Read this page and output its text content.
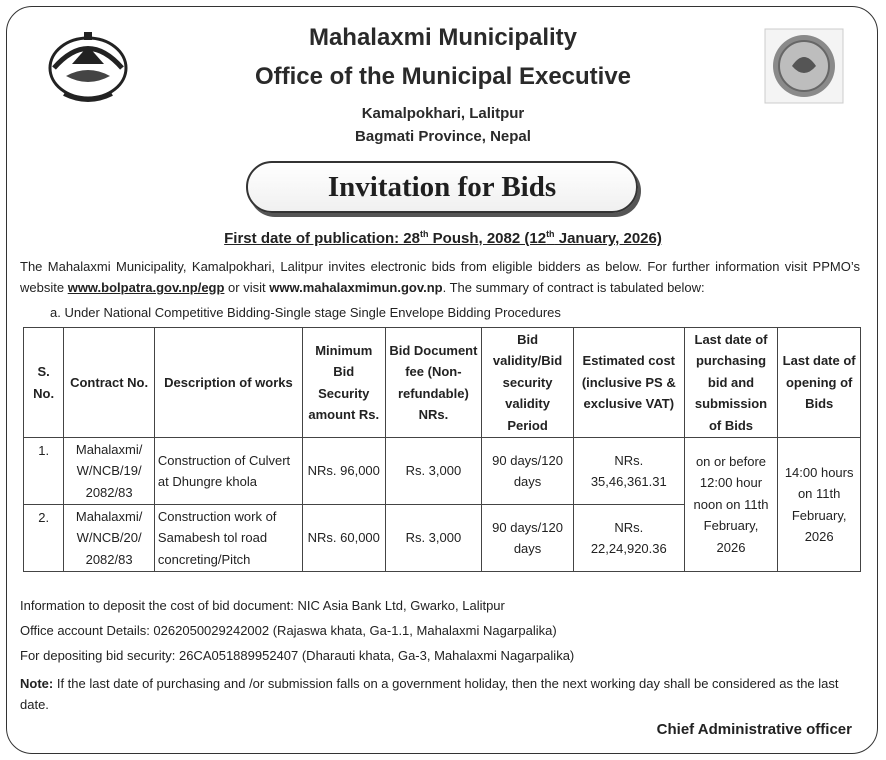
Mahalaxmi Municipality
Office of the Municipal Executive
Kamalpokhari, Lalitpur
Bagmati Province, Nepal
Invitation for Bids
First date of publication: 28th Poush, 2082 (12th January, 2026)
The Mahalaxmi Municipality, Kamalpokhari, Lalitpur invites electronic bids from eligible bidders as below. For further information visit PPMO’s website www.bolpatra.gov.np/egp or visit www.mahalaxmimun.gov.np. The summary of contract is tabulated below:
a. Under National Competitive Bidding-Single stage Single Envelope Bidding Procedures
S. No.	Contract No.	Description of works	Minimum Bid Security amount Rs.	Bid Document fee (Non-refundable) NRs.	Bid validity/Bid security validity Period	Estimated cost (inclusive PS & exclusive VAT)	Last date of purchasing bid and submission of Bids	Last date of opening of Bids
1.	Mahalaxmi/ W/NCB/19/ 2082/83	Construction of Culvert at Dhungre khola	NRs. 96,000	Rs. 3,000	90 days/120 days	NRs. 35,46,361.31	on or before 12:00 hour noon on 11th February, 2026	14:00 hours on 11th February, 2026
2.	Mahalaxmi/ W/NCB/20/ 2082/83	Construction work of Samabesh tol road concreting/Pitch	NRs. 60,000	Rs. 3,000	90 days/120 days	NRs. 22,24,920.36		
Information to deposit the cost of bid document: NIC Asia Bank Ltd, Gwarko, Lalitpur
Office account Details: 0262050029242002 (Rajaswa khata, Ga-1.1, Mahalaxmi Nagarpalika)
For depositing bid security: 26CA051889952407 (Dharauti khata, Ga-3, Mahalaxmi Nagarpalika)
Note: If the last date of purchasing and /or submission falls on a government holiday, then the next working day shall be considered as the last date.
Chief Administrative officer
